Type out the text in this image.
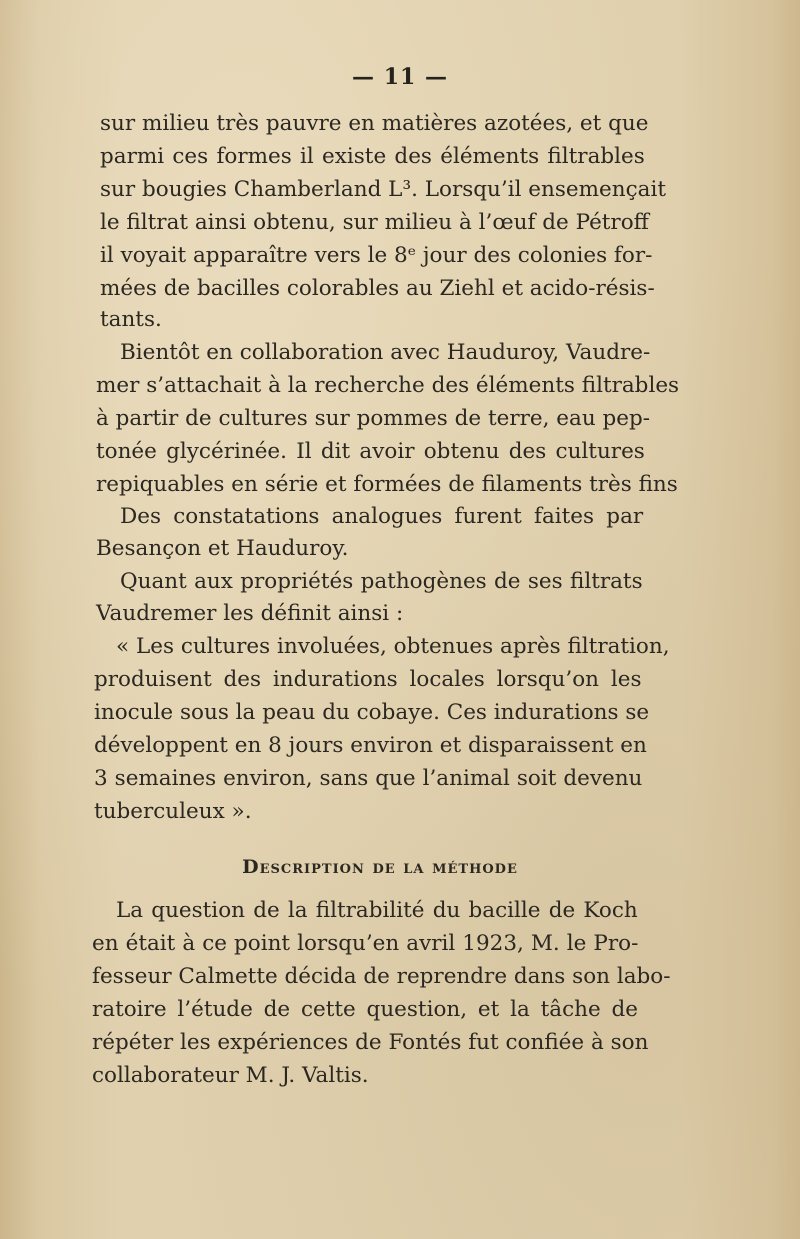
— 11 —
Description de la méthode
sur milieu très pauvre en matières azotées, et que
parmi ces formes il existe des éléments filtrables
sur bougies Chamberland L³. Lorsqu’il ensemençait
le filtrat ainsi obtenu, sur milieu à l’œuf de Pétroff
il voyait apparaître vers le 8ᵉ jour des colonies for-
mées de bacilles colorables au Ziehl et acido-résis-
tants.
Bientôt en collaboration avec Hauduroy, Vaudre-
mer s’attachait à la recherche des éléments filtrables
à partir de cultures sur pommes de terre, eau pep-
tonée glycérinée. Il dit avoir obtenu des cultures
repiquables en série et formées de filaments très fins
Des constatations analogues furent faites par
Besançon et Hauduroy.
Quant aux propriétés pathogènes de ses filtrats
Vaudremer les définit ainsi :
« Les cultures involuées, obtenues après filtration,
produisent des indurations locales lorsqu’on les
inocule sous la peau du cobaye. Ces indurations se
développent en 8 jours environ et disparaissent en
3 semaines environ, sans que l’animal soit devenu
tuberculeux ».
La question de la filtrabilité du bacille de Koch
en était à ce point lorsqu’en avril 1923, M. le Pro-
fesseur Calmette décida de reprendre dans son labo-
ratoire l’étude de cette question, et la tâche de
répéter les expériences de Fontés fut confiée à son
collaborateur M. J. Valtis.
